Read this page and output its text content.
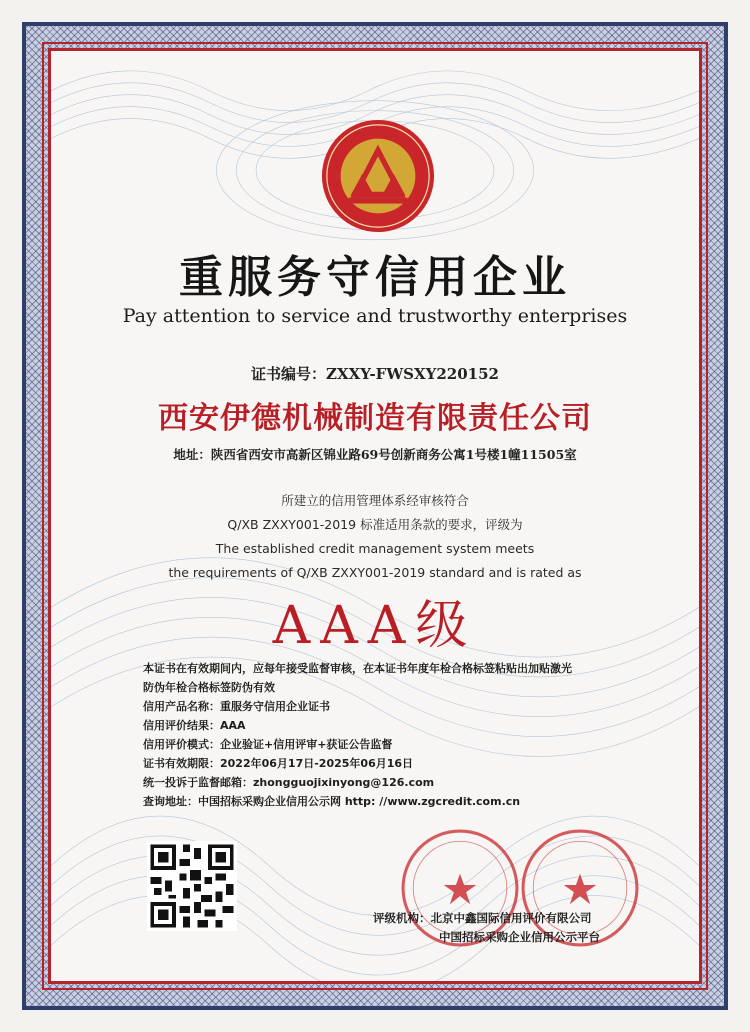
重服务守信用企业
Pay attention to service and trustworthy enterprises
证书编号：ZXXY-FWSXY220152
西安伊德机械制造有限责任公司
地址：陕西省西安市高新区锦业路69号创新商务公寓1号楼1幢11505室
所建立的信用管理体系经审核符合
Q/XB ZXXY001-2019 标准适用条款的要求，评级为
The established credit management system meets
the requirements of Q/XB ZXXY001-2019 standard and is rated as
AAA级
本证书在有效期间内，应每年接受监督审核，在本证书年度年检合格标签粘贴出加贴激光
防伪年检合格标签防伪有效
信用产品名称：重服务守信用企业证书
信用评价结果：AAA
信用评价模式：企业验证+信用评审+获证公告监督
证书有效期限：2022年06月17日-2025年06月16日
统一投诉于监督邮箱：zhongguojixinyong@126.com
查询地址：中国招标采购企业信用公示网 http: //www.zgcredit.com.cn
评级机构：北京中鑫国际信用评价有限公司
中国招标采购企业信用公示平台
